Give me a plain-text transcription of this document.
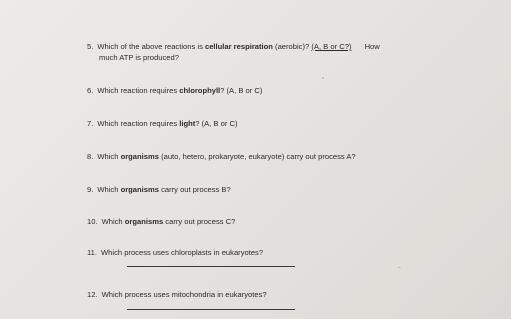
5. Which of the above reactions is cellular respiration (aerobic)? (A, B or C?) How
much ATP is produced?
6. Which reaction requires chlorophyll? (A, B or C)
7. Which reaction requires light? (A, B or C)
8. Which organisms (auto, hetero, prokaryote, eukaryote) carry out process A?
9. Which organisms carry out process B?
10. Which organisms carry out process C?
11. Which process uses chloroplasts in eukaryotes?
12. Which process uses mitochondria in eukaryotes?
